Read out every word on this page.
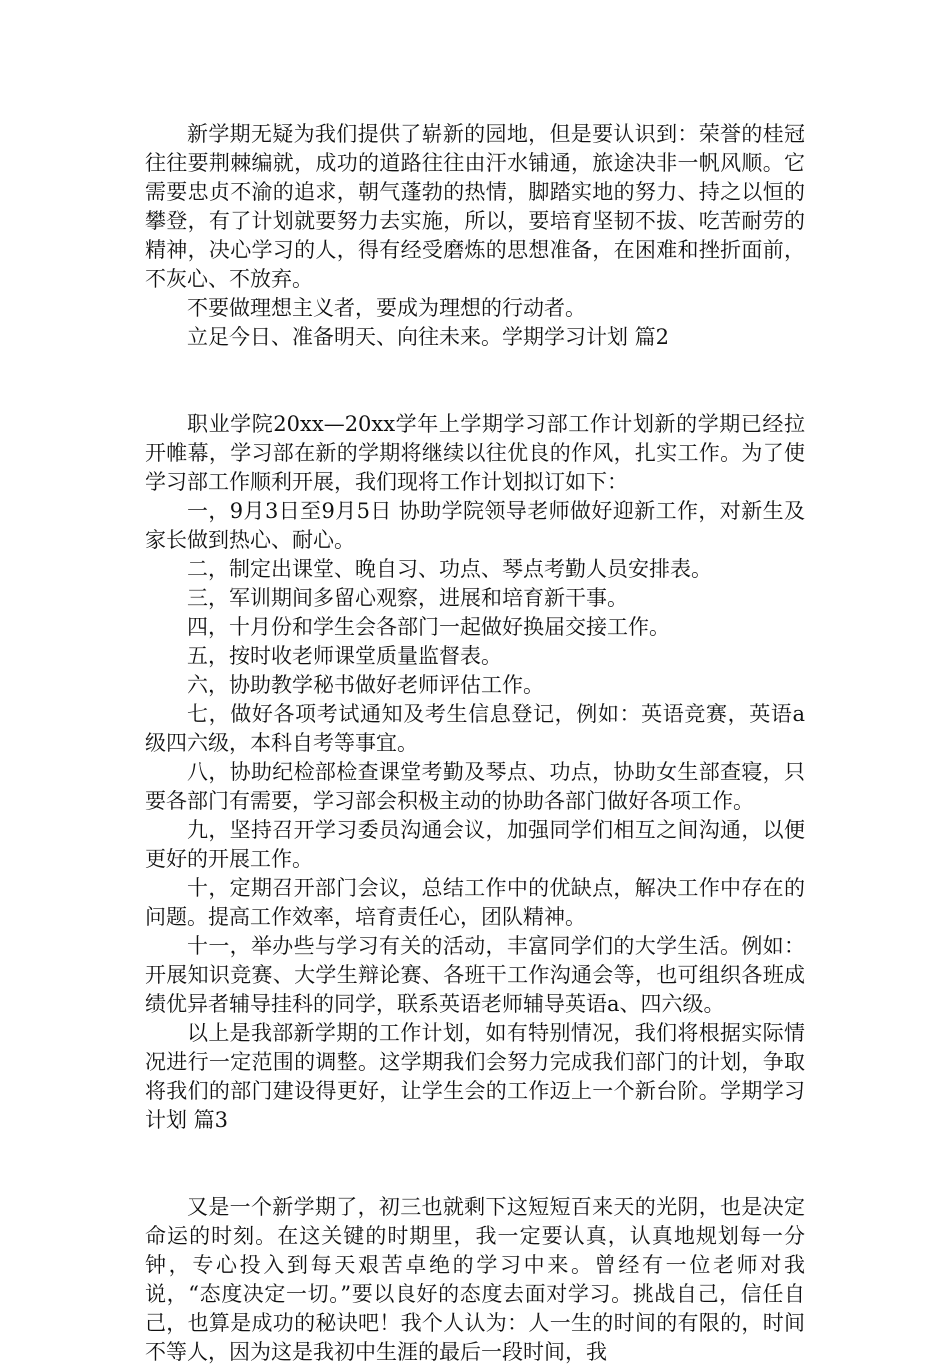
新学期无疑为我们提供了崭新的园地，但是要认识到：荣誉的桂冠往往要荆棘编就，成功的道路往往由汗水铺通，旅途决非一帆风顺。它需要忠贞不渝的追求，朝气蓬勃的热情，脚踏实地的努力、持之以恒的攀登，有了计划就要努力去实施，所以，要培育坚韧不拔、吃苦耐劳的精神，决心学习的人，得有经受磨炼的思想准备，在困难和挫折面前，不灰心、不放弃。

不要做理想主义者，要成为理想的行动者。

立足今日、准备明天、向往未来。学期学习计划 篇2

职业学院20xx—20xx学年上学期学习部工作计划新的学期已经拉开帷幕，学习部在新的学期将继续以往优良的作风，扎实工作。为了使学习部工作顺利开展，我们现将工作计划拟订如下：

一，9月3日至9月5日 协助学院领导老师做好迎新工作，对新生及家长做到热心、耐心。

二，制定出课堂、晚自习、功点、琴点考勤人员安排表。

三，军训期间多留心观察，进展和培育新干事。

四，十月份和学生会各部门一起做好换届交接工作。

五，按时收老师课堂质量监督表。

六，协助教学秘书做好老师评估工作。

七，做好各项考试通知及考生信息登记，例如：英语竞赛，英语a级四六级，本科自考等事宜。

八，协助纪检部检查课堂考勤及琴点、功点，协助女生部查寝，只要各部门有需要，学习部会积极主动的协助各部门做好各项工作。

九，坚持召开学习委员沟通会议，加强同学们相互之间沟通，以便更好的开展工作。

十，定期召开部门会议，总结工作中的优缺点，解决工作中存在的问题。提高工作效率，培育责任心，团队精神。

十一，举办些与学习有关的活动，丰富同学们的大学生活。例如：开展知识竞赛、大学生辩论赛、各班干工作沟通会等，也可组织各班成绩优异者辅导挂科的同学，联系英语老师辅导英语a、四六级。

以上是我部新学期的工作计划，如有特别情况，我们将根据实际情况进行一定范围的调整。这学期我们会努力完成我们部门的计划，争取将我们的部门建设得更好，让学生会的工作迈上一个新台阶。学期学习计划 篇3

又是一个新学期了，初三也就剩下这短短百来天的光阴，也是决定命运的时刻。在这关键的时期里，我一定要认真，认真地规划每一分钟，专心投入到每天艰苦卓绝的学习中来。曾经有一位老师对我说，“态度决定一切。”要以良好的态度去面对学习。挑战自己，信任自己，也算是成功的秘诀吧！我个人认为：人一生的时间的有限的，时间不等人，因为这是我初中生涯的最后一段时间，我
